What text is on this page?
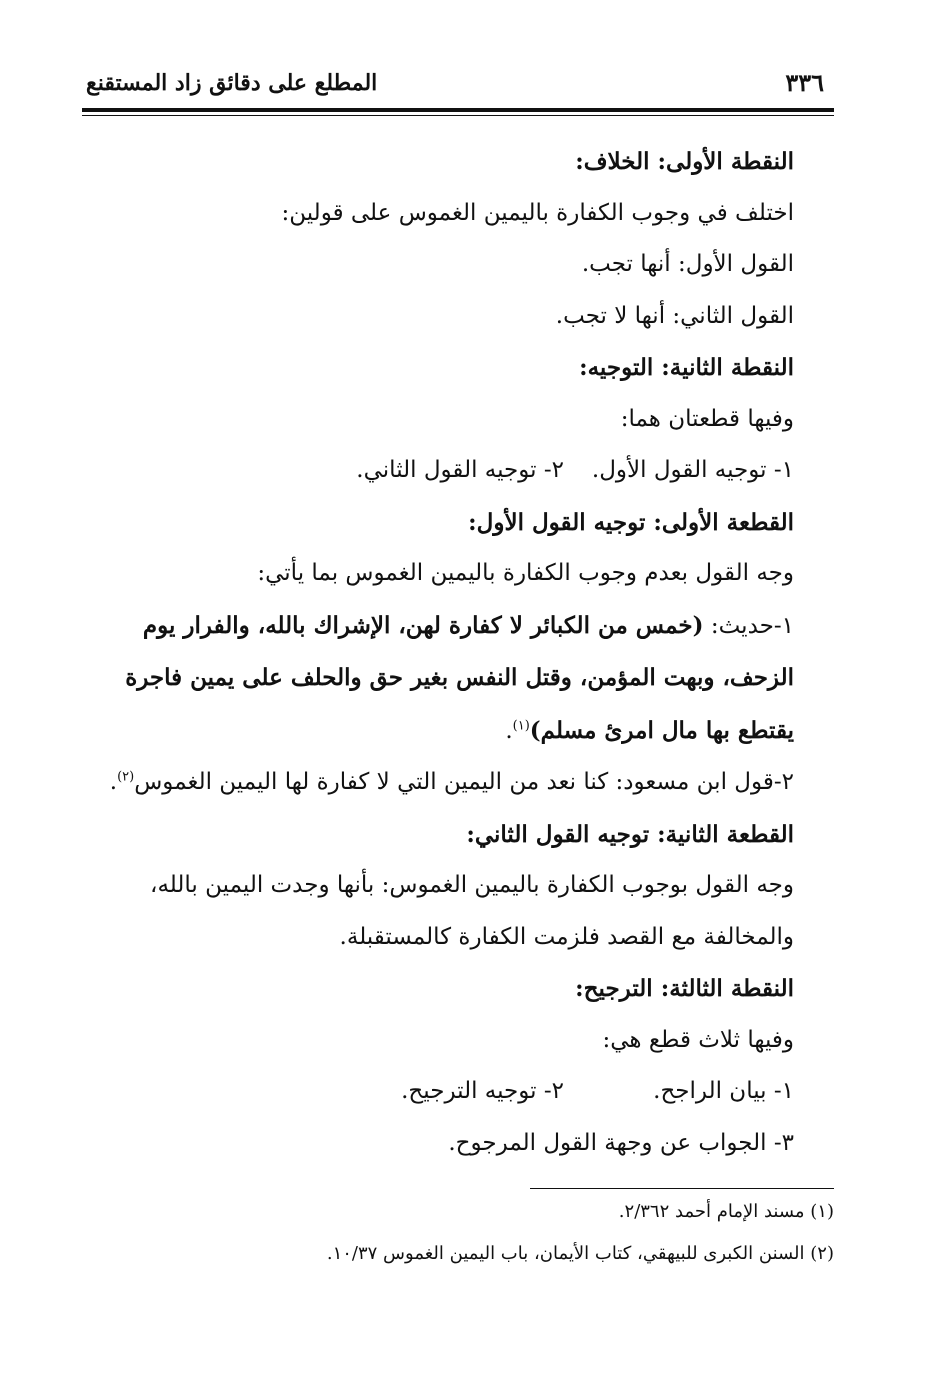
٣٣٦
المطلع على دقائق زاد المستقنع
النقطة الأولى: الخلاف:
اختلف في وجوب الكفارة باليمين الغموس على قولين:
القول الأول: أنها تجب.
القول الثاني: أنها لا تجب.
النقطة الثانية: التوجيه:
وفيها قطعتان هما:
١- توجيه القول الأول.
٢- توجيه القول الثاني.
القطعة الأولى: توجيه القول الأول:
وجه القول بعدم وجوب الكفارة باليمين الغموس بما يأتي:
١-حديث: (خمس من الكبائر لا كفارة لهن، الإشراك بالله، والفرار يوم الزحف، وبهت المؤمن، وقتل النفس بغير حق والحلف على يمين فاجرة يقتطع بها مال امرئ مسلم)$^{(١)}$.
٢-قول ابن مسعود: كنا نعد من اليمين التي لا كفارة لها اليمين الغموس$^{(٢)}$.
القطعة الثانية: توجيه القول الثاني:
وجه القول بوجوب الكفارة باليمين الغموس: بأنها وجدت اليمين بالله، والمخالفة مع القصد فلزمت الكفارة كالمستقبلة.
النقطة الثالثة: الترجيح:
وفيها ثلاث قطع هي:
١- بيان الراجح.
٢- توجيه الترجيح.
٣- الجواب عن وجهة القول المرجوح.
(١) مسند الإمام أحمد ٢/٣٦٢.
(٢) السنن الكبرى للبيهقي، كتاب الأيمان، باب اليمين الغموس ١٠/٣٧.
